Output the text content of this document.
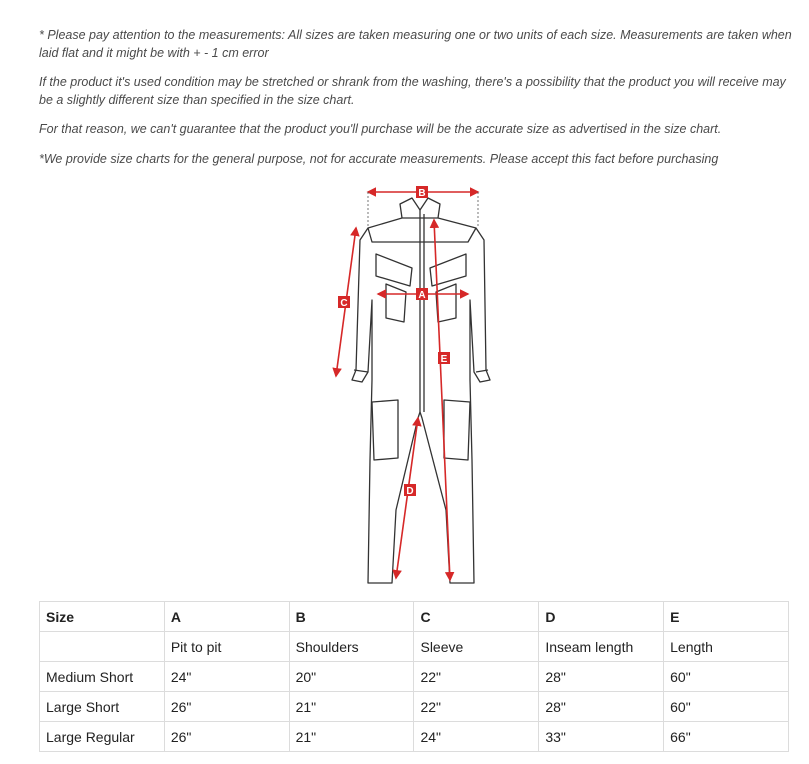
* Please pay attention to the measurements: All sizes are taken measuring one or two units of each size. Measurements are taken when laid flat and it might be with + - 1 cm error

If the product it's used condition may be stretched or shrank from the washing, there's a possibility that the product you will receive may be a slightly different size than specified in the size chart.

For that reason, we can't guarantee that the product you'll purchase will be the accurate size as advertised in the size chart.

*We provide size charts for the general purpose, not for accurate measurements. Please accept this fact before purchasing

B
A
C
D
E
Size	A	B	C	D	E
	Pit to pit	Shoulders	Sleeve	Inseam length	Length
Medium Short	24"	20"	22"	28"	60"
Large Short	26"	21"	22"	28"	60"
Large Regular	26"	21"	24"	33"	66"
